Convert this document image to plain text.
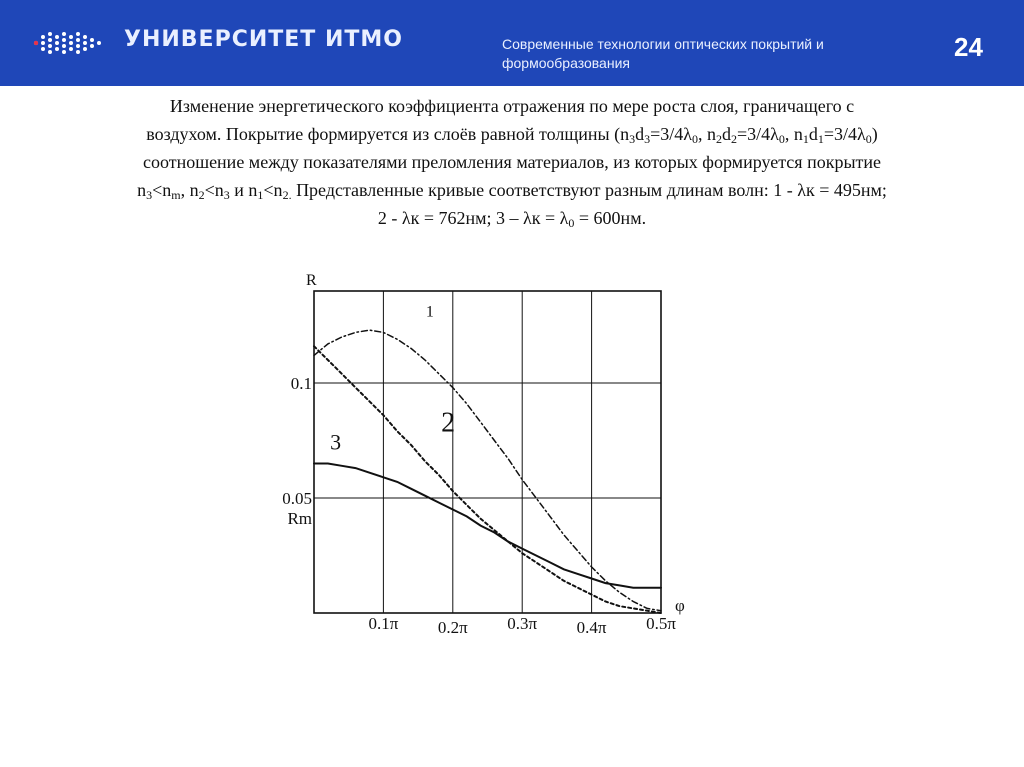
УНИВЕРСИТЕТ ИТМО	Современные технологии оптических покрытий и
формообразования
24

Изменение энергетического коэффициента отражения по мере роста слоя, граничащего с

воздухом. Покрытие формируется из слоёв равной толщины ($n_3d_3=3/4\lambda_0$, $n_2d_2=3/4\lambda_0$, $n_1d_1=3/4\lambda_0$)

соотношение между показателями преломления материалов, из которых формируется покрытие

$n_3<n_m$, $n_2<n_3$ и $n_1<n_{2.}$ Представленные кривые соответствуют разным длинам волн: 1 - λк = 495нм;

2 - λк = 762нм; $3 - \lambda к = \lambda_0 = 600нм$.

0.1π 0.2π 0.3π 0.4π 0.5π
0.1
0.05
Rm
R
φ
1
2
3
